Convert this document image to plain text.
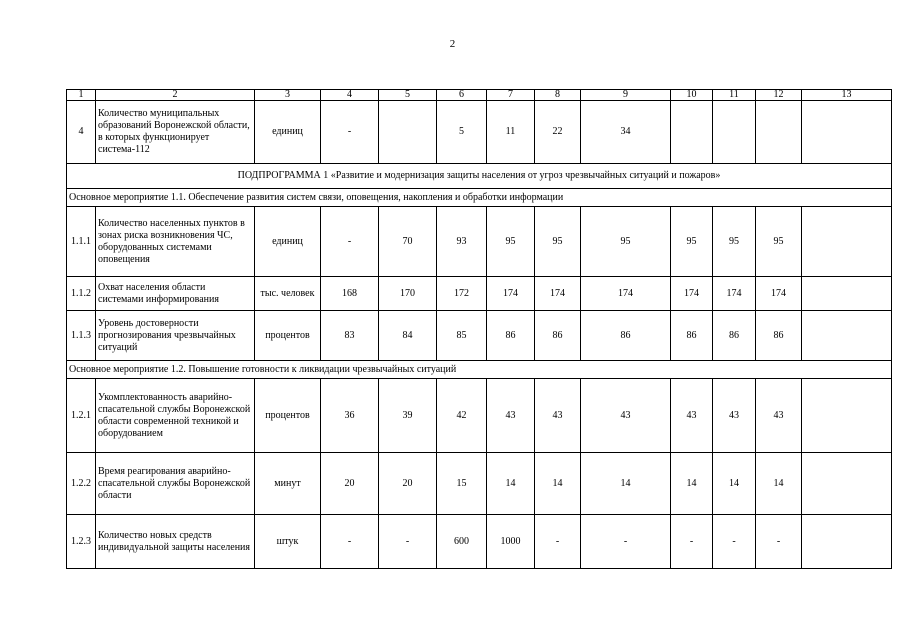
2
1	2	3	4	5	6	7	8	9	10	11	12	13
4	Количество муниципальных образований Воронежской области, в которых функционирует система-112	единиц	-		5	11	22	34				
ПОДПРОГРАММА 1 «Развитие и модернизация защиты населения от угроз чрезвычайных ситуаций и пожаров»												
Основное мероприятие 1.1. Обеспечение развития систем связи, оповещения, накопления и обработки информации												
1.1.1	Количество населенных пунктов в зонах риска возникновения ЧС, оборудованных системами оповещения	единиц	-	70	93	95	95	95	95	95	95	
1.1.2	Охват населения области системами информирования	тыс. человек	168	170	172	174	174	174	174	174	174	
1.1.3	Уровень достоверности прогнозирования чрезвычайных ситуаций	процентов	83	84	85	86	86	86	86	86	86	
Основное мероприятие 1.2. Повышение готовности к ликвидации чрезвычайных ситуаций												
1.2.1	Укомплектованность аварийно-спасательной службы Воронежской области современной техникой и оборудованием	процентов	36	39	42	43	43	43	43	43	43	
1.2.2	Время реагирования аварийно-спасательной службы Воронежской области	минут	20	20	15	14	14	14	14	14	14	
1.2.3	Количество новых средств индивидуальной защиты населения	штук	-	-	600	1000	-	-	-	-	-	
